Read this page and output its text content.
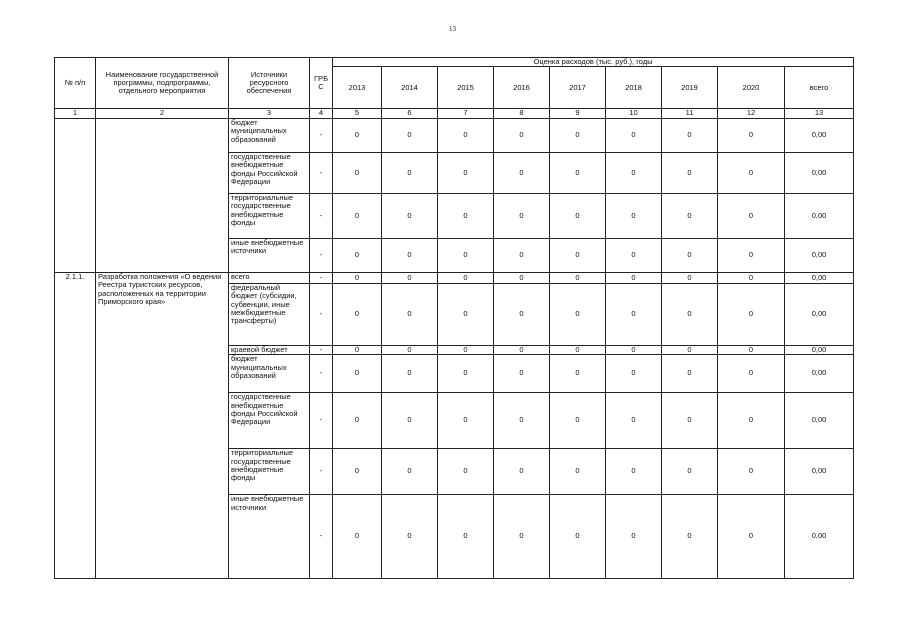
13
№ п/п	Наименование государственной программы, подпрограммы, отдельного мероприятия	Источники ресурсного обеспечения	ГРБ С	Оценка расходов (тыс. руб.), годы								
				2013	2014	2015	2016	2017	2018	2019	2020	всего
1	2	3	4	5	6	7	8	9	10	11	12	13
		бюджет муниципальных образований	-	0	0	0	0	0	0	0	0	0,00
		государственные внебюджетные фонды Российской Федерации	-	0	0	0	0	0	0	0	0	0,00
		территориальные государственные внебюджетные фонды	-	0	0	0	0	0	0	0	0	0,00
		иные внебюджетные источники	-	0	0	0	0	0	0	0	0	0,00
2.1.1.	Разработка положения «О ведении Реестра туристских ресурсов, расположенных на территории Приморского края»	всего	-	0	0	0	0	0	0	0	0	0,00
		федеральный бюджет (субсидии, субвенции, иные межбюджетные трансферты)	-	0	0	0	0	0	0	0	0	0,00
		краевой бюджет	-	0	0	0	0	0	0	0	0	0,00
		бюджет муниципальных образований	-	0	0	0	0	0	0	0	0	0,00
		государственные внебюджетные фонды Российской Федерации	-	0	0	0	0	0	0	0	0	0,00
		территориальные государственные внебюджетные фонды	-	0	0	0	0	0	0	0	0	0,00
		иные внебюджетные источники	-	0	0	0	0	0	0	0	0	0,00
